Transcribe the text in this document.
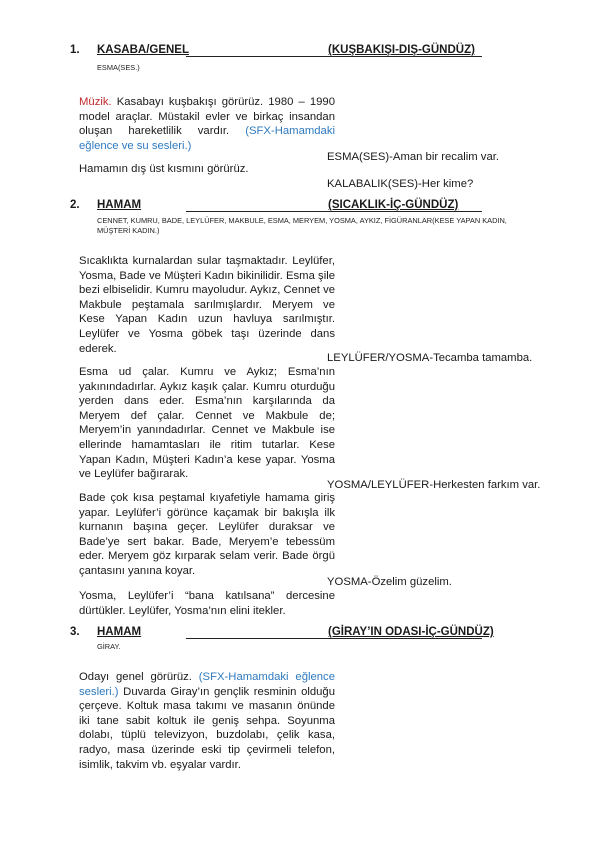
1. KASABA/GENEL	(KUŞBAKIŞI-DIŞ-GÜNDÜZ)
ESMA(SES.)
Müzik. Kasabayı kuşbakışı görürüz. 1980 – 1990 model araçlar. Müstakil evler ve birkaç insandan oluşan hareketlilik vardır. (SFX-Hamamdaki eğlence ve su sesleri.)
ESMA(SES)-Aman bir recalim var.
Hamamın dış üst kısmını görürüz.
KALABALIK(SES)-Her kime?
2. HAMAM	(SICAKLIK-İÇ-GÜNDÜZ)
CENNET, KUMRU, BADE, LEYLÜFER, MAKBULE, ESMA, MERYEM, YOSMA, AYKIZ, FİGÜRANLAR(KESE YAPAN KADIN, MÜŞTERİ KADIN.)
Sıcaklıkta kurnalardan sular taşmaktadır. Leylüfer, Yosma, Bade ve Müşteri Kadın bikinilidir. Esma şile bezi elbiselidir. Kumru mayoludur. Aykız, Cennet ve Makbule peştamala sarılmışlardır. Meryem ve Kese Yapan Kadın uzun havluya sarılmıştır. Leylüfer ve Yosma göbek taşı üzerinde dans ederek.
LEYLÜFER/YOSMA-Tecamba tamamba.
Esma ud çalar. Kumru ve Aykız; Esma’nın yakınındadırlar. Aykız kaşık çalar. Kumru oturduğu yerden dans eder. Esma’nın karşılarında da Meryem def çalar. Cennet ve Makbule de; Meryem’in yanındadırlar. Cennet ve Makbule ise ellerinde hamamtasları ile ritim tutarlar. Kese Yapan Kadın, Müşteri Kadın’a kese yapar. Yosma ve Leylüfer bağırarak.
YOSMA/LEYLÜFER-Herkesten farkım var.
Bade çok kısa peştamal kıyafetiyle hamama giriş yapar. Leylüfer’i görünce kaçamak bir bakışla ilk kurnanın başına geçer. Leylüfer duraksar ve Bade’ye sert bakar. Bade, Meryem’e tebessüm eder. Meryem göz kırparak selam verir. Bade örgü çantasını yanına koyar.
YOSMA-Özelim güzelim.
Yosma, Leylüfer’i “bana katılsana” dercesine dürtükler. Leylüfer, Yosma’nın elini itekler.
3. HAMAM	(GİRAY’IN ODASI-İÇ-GÜNDÜZ)
GİRAY.
Odayı genel görürüz. (SFX-Hamamdaki eğlence sesleri.) Duvarda Giray’ın gençlik resminin olduğu çerçeve. Koltuk masa takımı ve masanın önünde iki tane sabit koltuk ile geniş sehpa. Soyunma dolabı, tüplü televizyon, buzdolabı, çelik kasa, radyo, masa üzerinde eski tip çevirmeli telefon, isimlik, takvim vb. eşyalar vardır.
